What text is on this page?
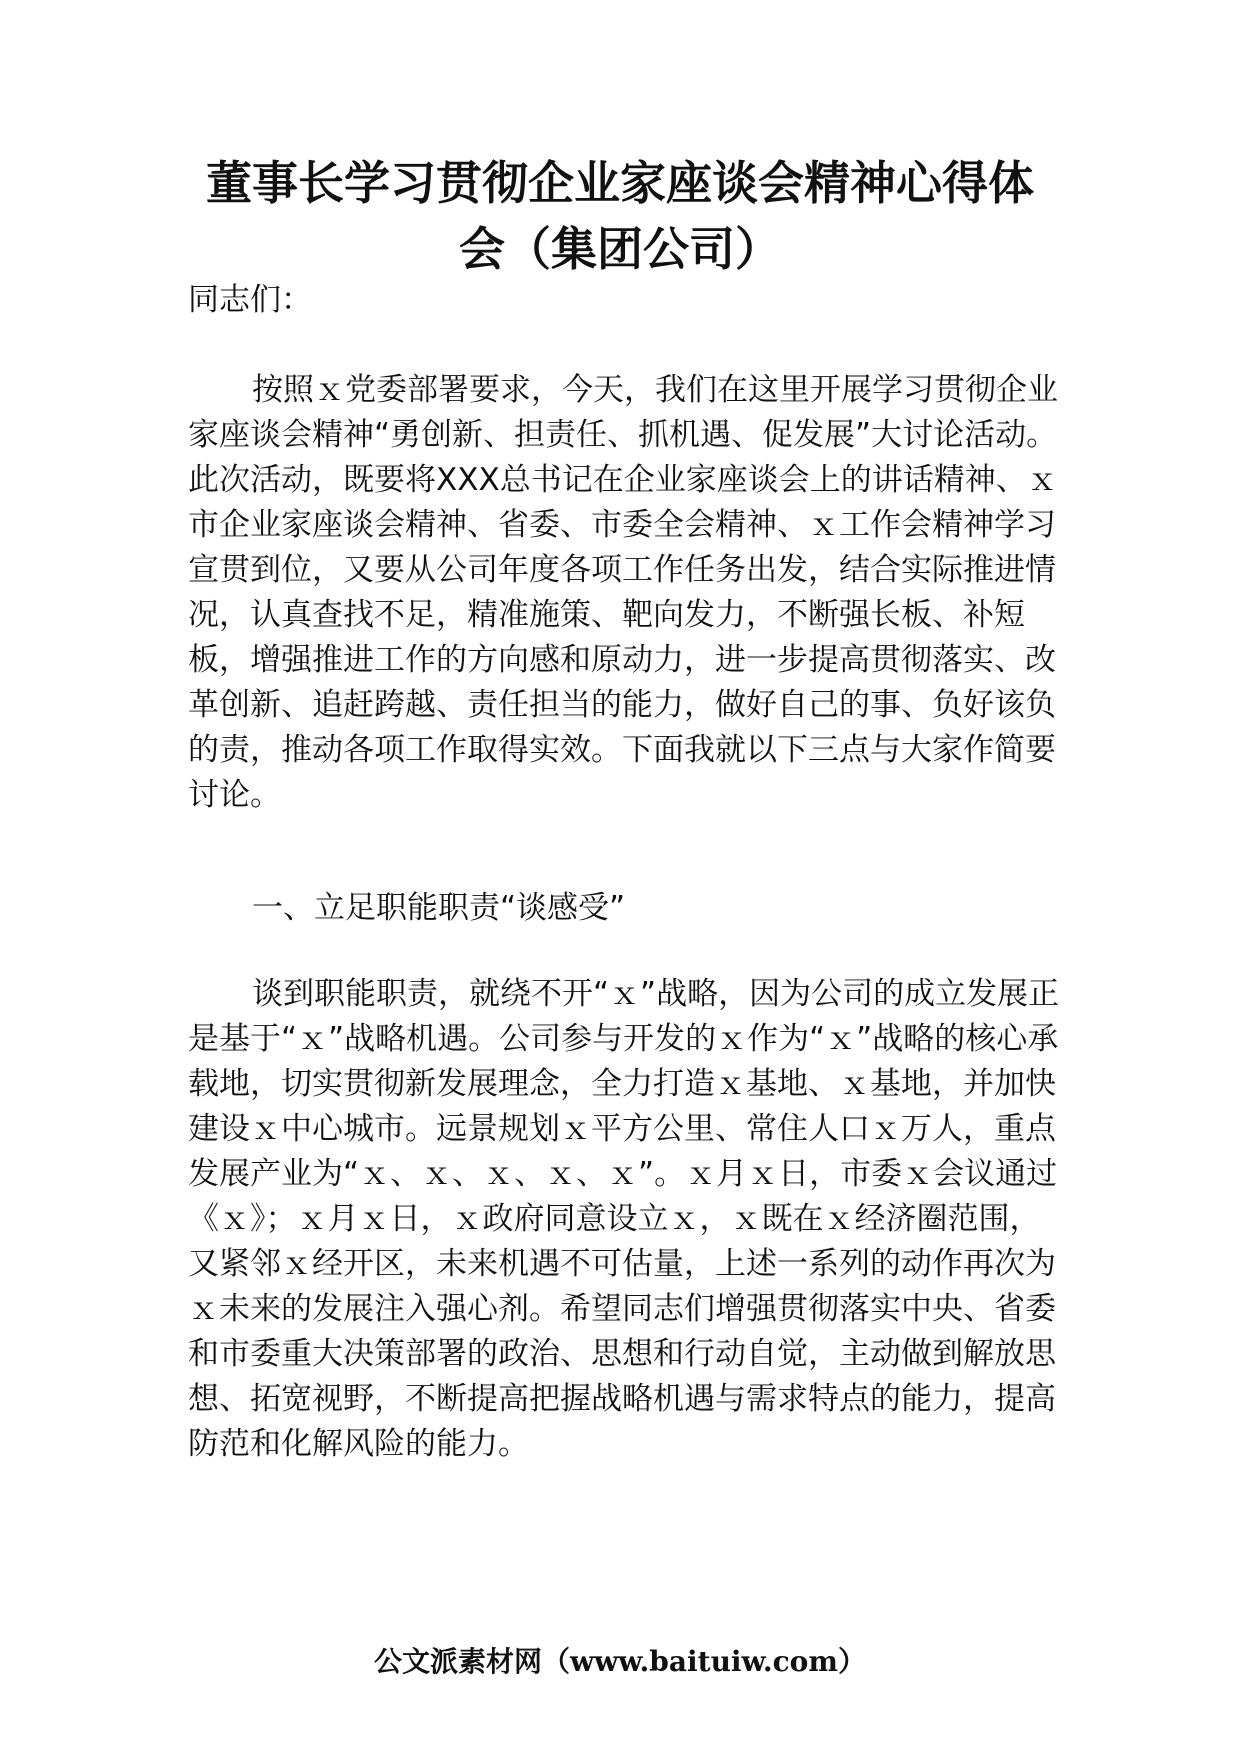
董事长学习贯彻企业家座谈会精神心得体
会（集团公司）

同志们：

按照ｘ党委部署要求，今天，我们在这里开展学习贯彻企业家座谈会精神“勇创新、担责任、抓机遇、促发展”大讨论活动。此次活动，既要将XXX总书记在企业家座谈会上的讲话精神、ｘ市企业家座谈会精神、省委、市委全会精神、ｘ工作会精神学习宣贯到位，又要从公司年度各项工作任务出发，结合实际推进情况，认真查找不足，精准施策、靶向发力，不断强长板、补短板，增强推进工作的方向感和原动力，进一步提高贯彻落实、改革创新、追赶跨越、责任担当的能力，做好自己的事、负好该负的责，推动各项工作取得实效。下面我就以下三点与大家作简要讨论。

一、立足职能职责“谈感受”

谈到职能职责，就绕不开“ｘ”战略，因为公司的成立发展正是基于“ｘ”战略机遇。公司参与开发的ｘ作为“ｘ”战略的核心承载地，切实贯彻新发展理念，全力打造ｘ基地、ｘ基地，并加快建设ｘ中心城市。远景规划ｘ平方公里、常住人口ｘ万人，重点发展产业为“ｘ、ｘ、ｘ、ｘ、ｘ”。ｘ月ｘ日，市委ｘ会议通过《ｘ》；ｘ月ｘ日，ｘ政府同意设立ｘ，ｘ既在ｘ经济圈范围，又紧邻ｘ经开区，未来机遇不可估量，上述一系列的动作再次为ｘ未来的发展注入强心剂。希望同志们增强贯彻落实中央、省委和市委重大决策部署的政治、思想和行动自觉，主动做到解放思想、拓宽视野，不断提高把握战略机遇与需求特点的能力，提高防范和化解风险的能力。

公文派素材网（www.baituiw.com）
